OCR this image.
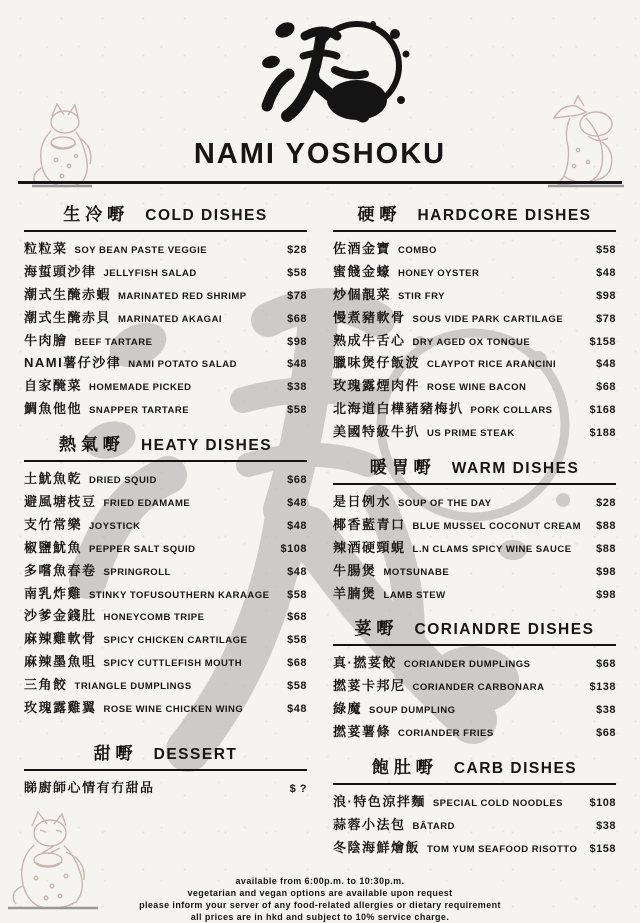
NAMI YOSHOKU
生冷嘢 COLD DISHES
粒粒菜 SOY BEAN PASTE VEGGIE	$28
海蜇頭沙律 JELLYFISH SALAD	$58
潮式生醃赤蝦 MARINATED RED SHRIMP	$78
潮式生醃赤貝 MARINATED AKAGAI	$68
牛肉膾 BEEF TARTARE	$98
NAMI薯仔沙律 NAMI POTATO SALAD	$48
自家醃菜 HOMEMADE PICKED	$38
鯛魚他他 SNAPPER TARTARE	$58
熱氣嘢 HEATY DISHES
土魷魚乾 DRIED SQUID	$68
避風塘枝豆 FRIED EDAMAME	$48
支竹常樂 JOYSTICK	$48
椒鹽魷魚 PEPPER SALT SQUID	$108
多嚐魚春卷 SPRINGROLL	$48
南乳炸雞 STINKY TOFUSOUTHERN KARAAGE	$58
沙爹金錢肚 HONEYCOMB TRIPE	$68
麻辣雞軟骨 SPICY CHICKEN CARTILAGE	$58
麻辣墨魚咀 SPICY CUTTLEFISH MOUTH	$68
三角餃 TRIANGLE DUMPLINGS	$58
玫瑰露雞翼 ROSE WINE CHICKEN WING	$48
甜嘢 DESSERT
睇廚師心情有冇甜品	$ ?
硬嘢 HARDCORE DISHES
佐酒金寶 COMBO	$58
蜜餞金蠔 HONEY OYSTER	$48
炒個靚菜 STIR FRY	$98
慢煮豬軟骨 SOUS VIDE PARK CARTILAGE	$78
熟成牛舌心 DRY AGED OX TONGUE	$158
臘味煲仔飯波 CLAYPOT RICE ARANCINI	$48
玫瑰露煙肉件 ROSE WINE BACON	$68
北海道白樺豬豬梅扒 PORK COLLARS	$168
美國特級牛扒 US PRIME STEAK	$188
暖胃嘢 WARM DISHES
是日例水 SOUP OF THE DAY	$28
椰香藍青口 BLUE MUSSEL COCONUT CREAM	$88
辣酒硬頸蜆 L.N CLAMS SPICY WINE SAUCE	$88
牛腸煲 MOTSUNABE	$98
羊腩煲 LAMB STEW	$98
荽嘢 CORIANDRE DISHES
真·撚荽餃 CORIANDER DUMPLINGS	$68
撚荽卡邦尼 CORIANDER CARBONARA	$138
綠魔 SOUP DUMPLING	$38
撚荽薯條 CORIANDER FRIES	$68
飽肚嘢 CARB DISHES
浪·特色涼拌麵 SPECIAL COLD NOODLES	$108
蒜蓉小法包 BÂTARD	$38
冬陰海鮮燴飯 TOM YUM SEAFOOD RISOTTO	$158
available from 6:00p.m. to 10:30p.m.
vegetarian and vegan options are available upon request
please inform your server of any food-related allergies or dietary requirement
all prices are in hkd and subject to 10% service charge.
